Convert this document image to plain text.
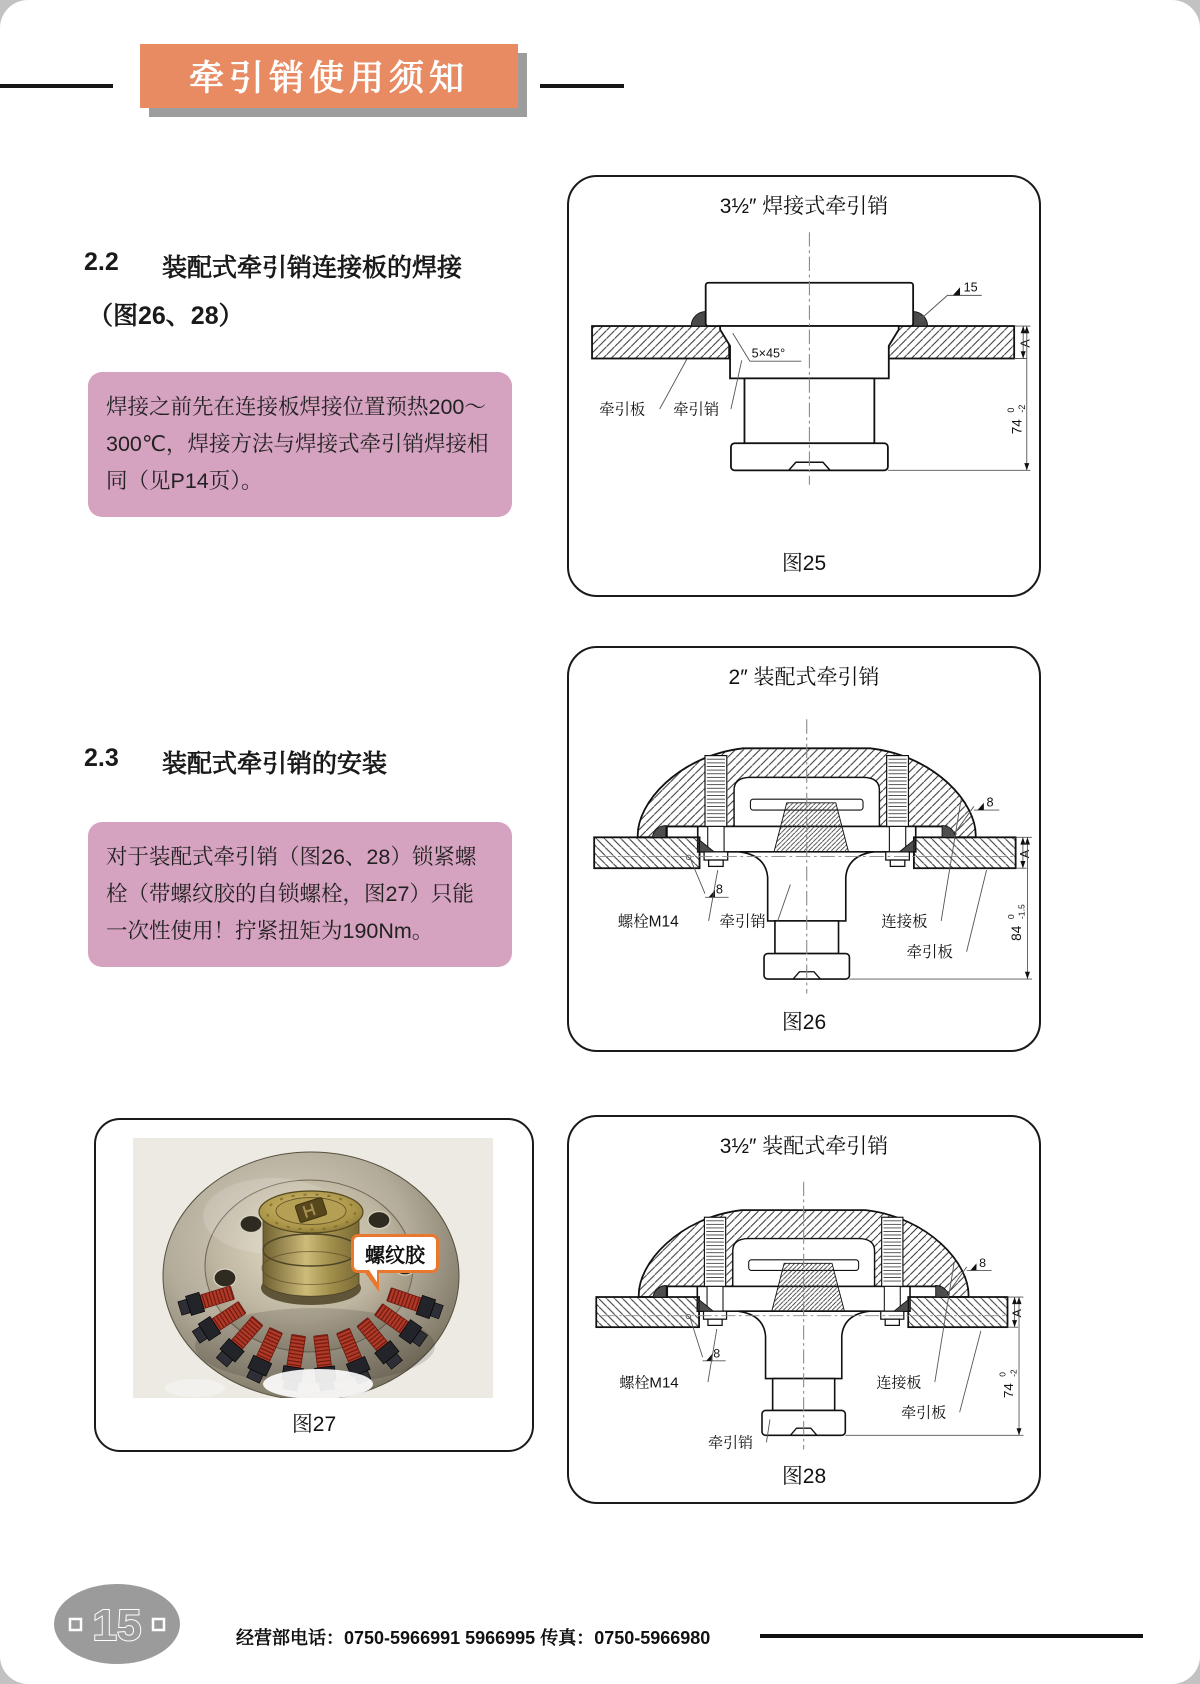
牵引销使用须知
2.2	装配式牵引销连接板的焊接
（图26、28）
焊接之前先在连接板焊接位置预热200～300℃，焊接方法与焊接式牵引销焊接相同（见P14页）。
3½″ 焊接式牵引销
5×45°
牵引板 牵引销
15
A
74
0 -2
图25
2.3	装配式牵引销的安装
对于装配式牵引销（图26、28）锁紧螺栓（带螺纹胶的自锁螺栓，图27）只能一次性使用！拧紧扭矩为190Nm。
2″ 装配式牵引销
8
8
螺栓M14 牵引销	连接板
牵引板
A
84
0 -1.5
图26
螺纹胶
图27
3½″ 装配式牵引销
8
8
螺栓M14
牵引销
连接板
牵引板
A
74
0 -2
图28
15	经营部电话：0750-5966991 5966995 传真：0750-5966980
